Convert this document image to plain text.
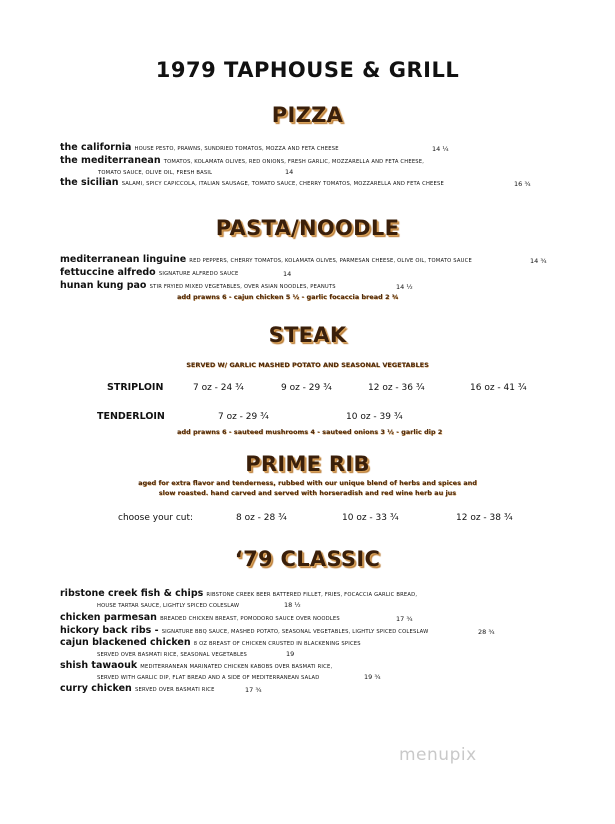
1979 TAPHOUSE & GRILL
PIZZA
the california HOUSE PESTO, PRAWNS, SUNDRIED TOMATOS, MOZZA AND FETA CHEESE	14 ¼
the mediterranean TOMATOS, KOLAMATA OLIVES, RED ONIONS, FRESH GARLIC, MOZZARELLA AND FETA CHEESE,
TOMATO SAUCE, OLIVE OIL, FRESH BASIL	14
the sicilian SALAMI, SPICY CAPICCOLA, ITALIAN SAUSAGE, TOMATO SAUCE, CHERRY TOMATOS, MOZZARELLA AND FETA CHEESE	16 ¾
PASTA/NOODLE
mediterranean linguine RED PEPPERS, CHERRY TOMATOS, KOLAMATA OLIVES, PARMESAN CHEESE, OLIVE OIL, TOMATO SAUCE	14 ¾
fettuccine alfredo SIGNATURE ALFREDO SAUCE	14
hunan kung pao STIR FRYIED MIXED VEGETABLES, OVER ASIAN NOODLES, PEANUTS	14 ½
add prawns 6 - cajun chicken 5 ½ - garlic focaccia bread 2 ¾
STEAK
SERVED W/ GARLIC MASHED POTATO AND SEASONAL VEGETABLES
STRIPLOIN	7 oz - 24 ¾	9 oz - 29 ¾	12 oz - 36 ¾	16 oz - 41 ¾
TENDERLOIN	7 oz - 29 ¾	10 oz - 39 ¾
add prawns 6 - sauteed mushrooms 4 - sauteed onions 3 ½ - garlic dip 2
PRIME RIB
aged for extra flavor and tenderness, rubbed with our unique blend of herbs and spices and
slow roasted. hand carved and served with horseradish and red wine herb au jus
choose your cut:	8 oz - 28 ¾	10 oz - 33 ¾	12 oz - 38 ¾
‘79 CLASSIC
ribstone creek fish & chips RIBSTONE CREEK BEER BATTERED FILLET, FRIES, FOCACCIA GARLIC BREAD,
HOUSE TARTAR SAUCE, LIGHTLY SPICED COLESLAW	18 ½
chicken parmesan BREADED CHICKEN BREAST, POMODORO SAUCE OVER NOODLES	17 ¾
hickory back ribs - SIGNATURE BBQ SAUCE, MASHED POTATO, SEASONAL VEGETABLES, LIGHTLY SPICED COLESLAW	28 ¾
cajun blackened chicken 8 OZ BREAST OF CHICKEN CRUSTED IN BLACKENING SPICES
SERVED OVER BASMATI RICE, SEASONAL VEGETABLES	19
shish tawaouk MEDITERRANEAN MARINATED CHICKEN KABOBS OVER BASMATI RICE,
SERVED WITH GARLIC DIP, FLAT BREAD AND A SIDE OF MEDITERRANEAN SALAD	19 ¾
curry chicken SERVED OVER BASMATI RICE	17 ¾
menupix
